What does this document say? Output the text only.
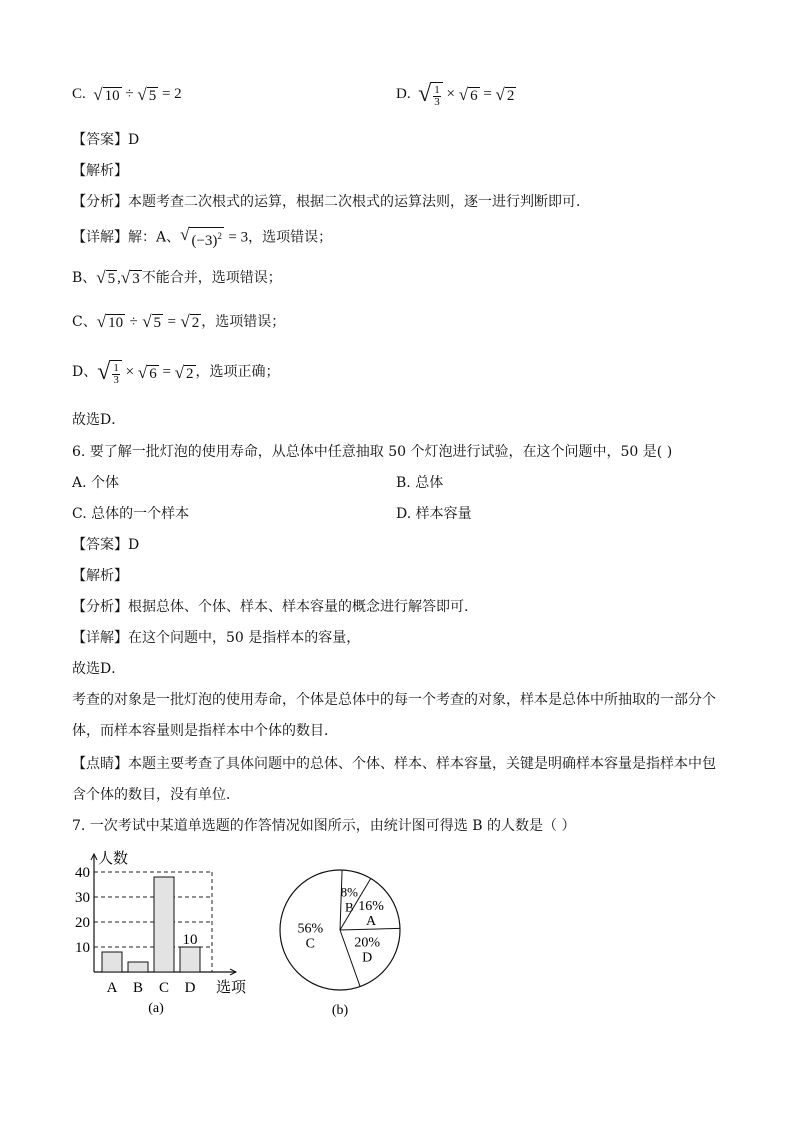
C. √ 10 ÷ √ 5 = 2	D. √ $\frac{1}{3}$ × √ 6 = √ 2
【答案】D
【解析】
【分析】本题考查二次根式的运算，根据二次根式的运算法则，逐一进行判断即可．
【详解】解：A、 √ $(-3)^2 = 3$，选项错误；
B、 √ 5 , √ 3 不能合并，选项错误；
C、 √ 10 ÷ √ 5 = √ 2 ，选项错误；
D、 √ $\frac{1}{3}$ × √ 6 = √ 2 ，选项正确；
故选D．
6. 要了解一批灯泡的使用寿命，从总体中任意抽取 50 个灯泡进行试验，在这个问题中，50 是( )
A. 个体	B. 总体
C. 总体的一个样本	D. 样本容量
【答案】D
【解析】
【分析】根据总体、个体、样本、样本容量的概念进行解答即可.
【详解】在这个问题中，50 是指样本的容量，
故选D．
考查的对象是一批灯泡的使用寿命，个体是总体中的每一个考查的对象，样本是总体中所抽取的一部分个
体，而样本容量则是指样本中个体的数目．
【点睛】本题主要考查了具体问题中的总体、个体、样本、样本容量，关键是明确样本容量是指样本中包
含个体的数目，没有单位．
7. 一次考试中某道单选题的作答情况如图所示，由统计图可得选 B 的人数是（ ）
10
20
30
40
人数
选项
A B C D
10
(a)
8%
B 16%
A
20%
D
56%
C
(b)
